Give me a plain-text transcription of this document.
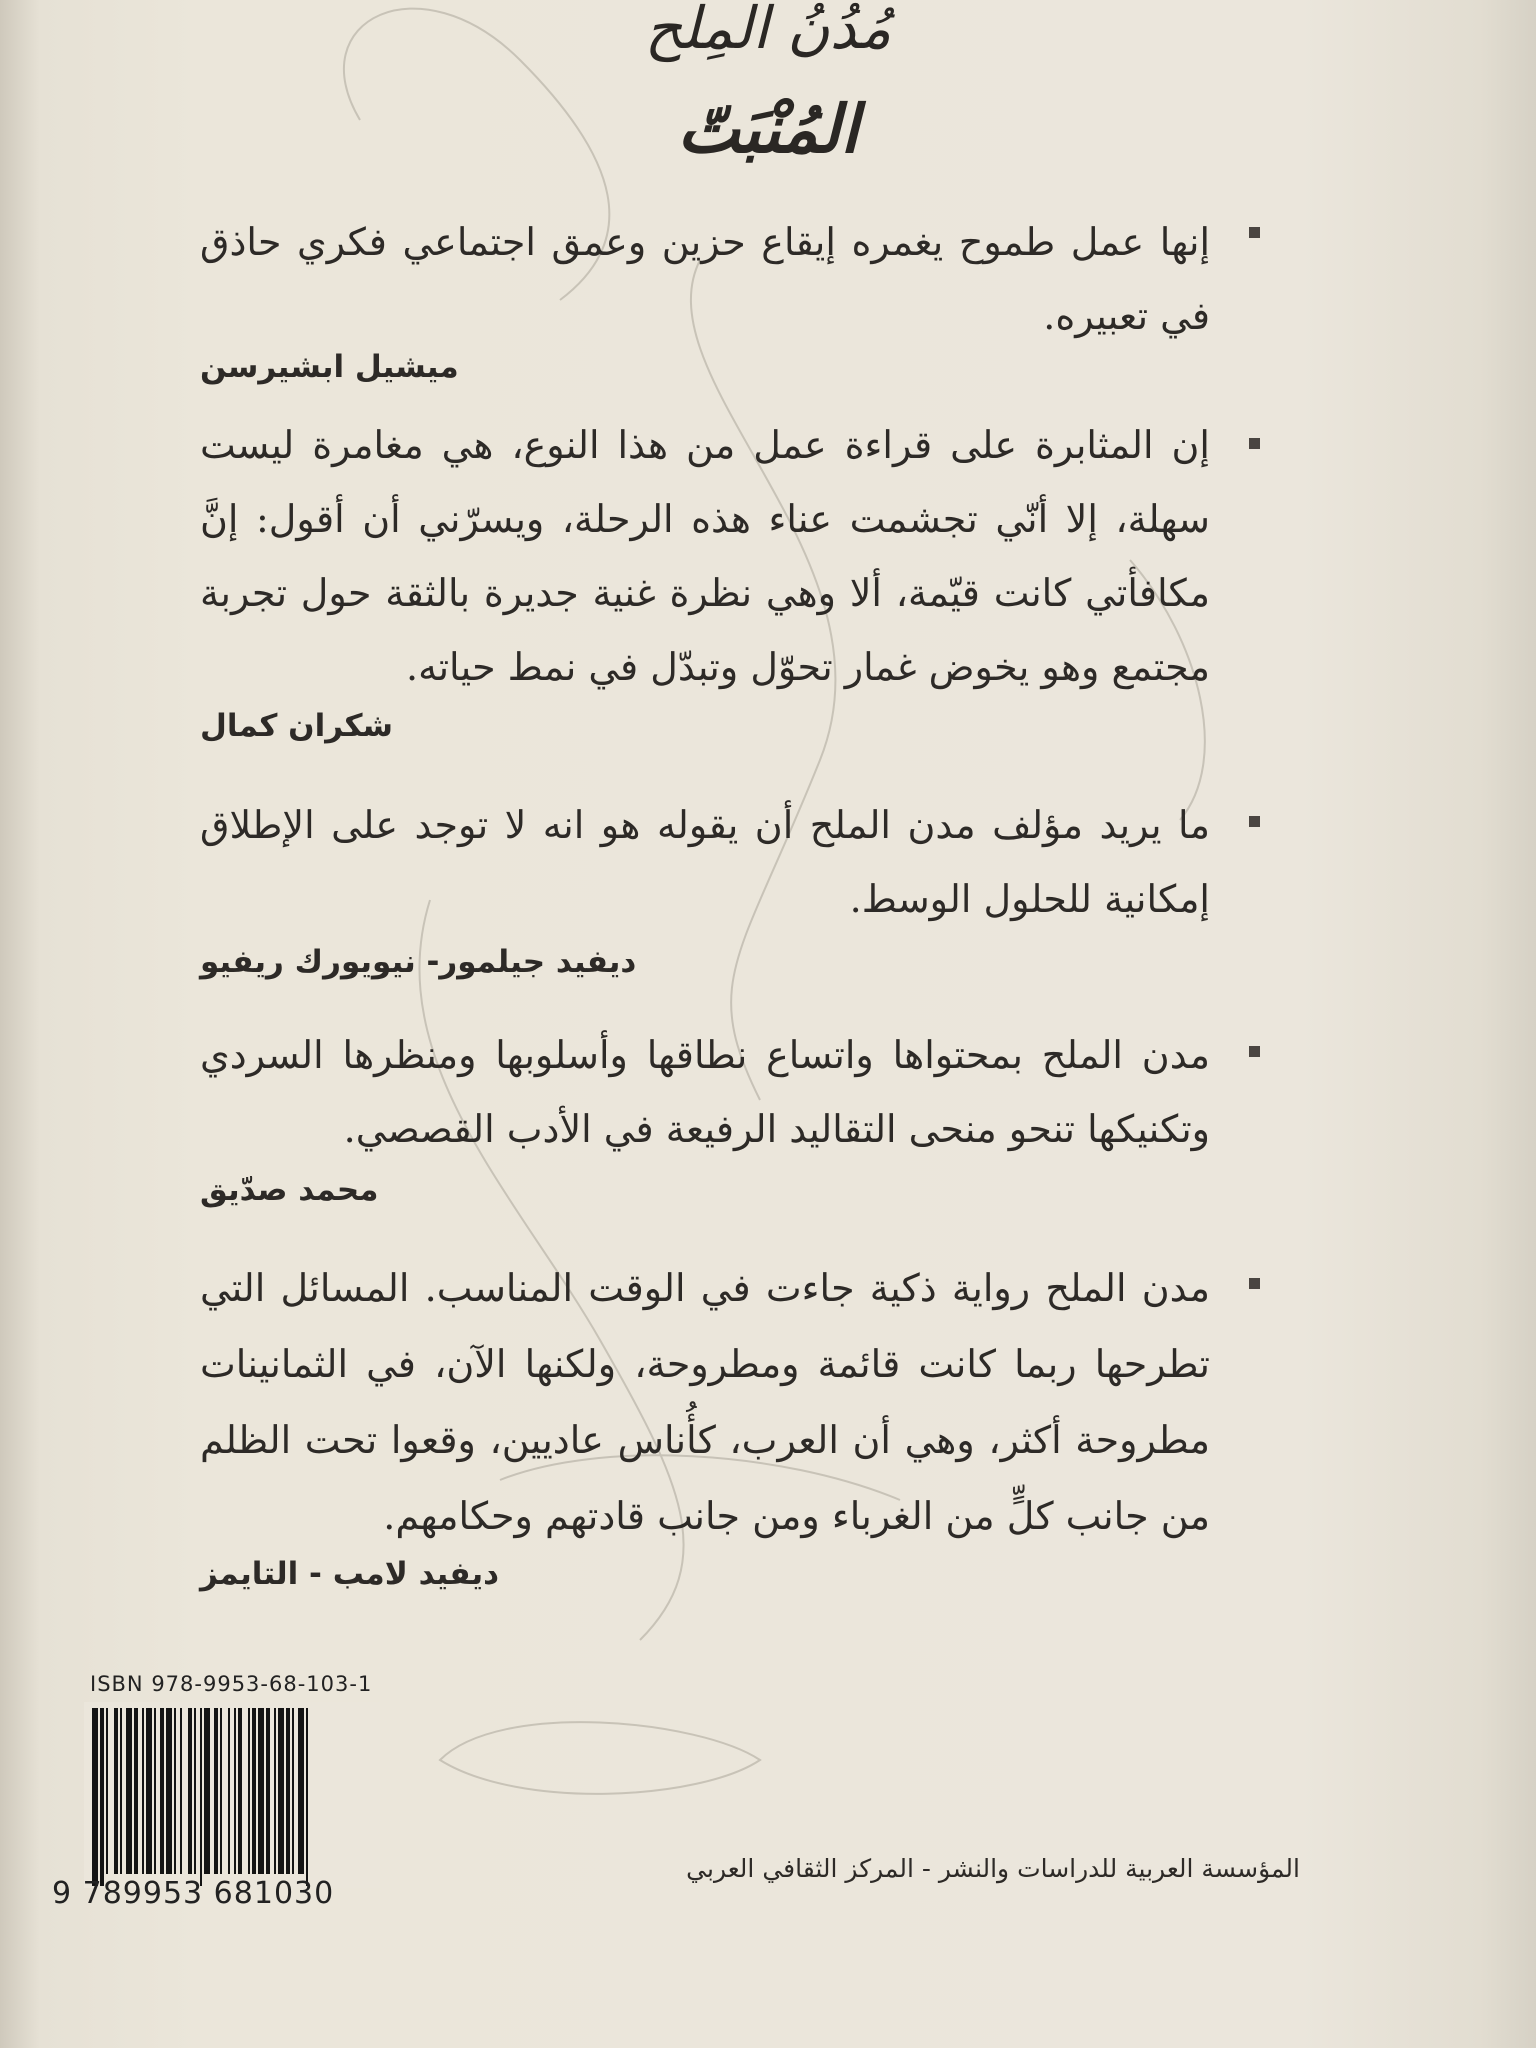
مُدُنُ المِلح
المُنْبَتّ

إنها عمل طموح يغمره إيقاع حزين وعمق اجتماعي فكري حاذق في تعبيره.

ميشيل ابشيرسن

إن المثابرة على قراءة عمل من هذا النوع، هي مغامرة ليست سهلة، إلا أنّي تجشمت عناء هذه الرحلة، ويسرّني أن أقول: إنَّ مكافأتي كانت قيّمة، ألا وهي نظرة غنية جديرة بالثقة حول تجربة مجتمع وهو يخوض غمار تحوّل وتبدّل في نمط حياته.

شكران كمال

ما يريد مؤلف مدن الملح أن يقوله هو انه لا توجد على الإطلاق إمكانية للحلول الوسط.

ديفيد جيلمور- نيويورك ريفيو

مدن الملح بمحتواها واتساع نطاقها وأسلوبها ومنظرها السردي وتكنيكها تنحو منحى التقاليد الرفيعة في الأدب القصصي.

محمد صدّيق

مدن الملح رواية ذكية جاءت في الوقت المناسب. المسائل التي تطرحها ربما كانت قائمة ومطروحة، ولكنها الآن، في الثمانينات مطروحة أكثر، وهي أن العرب، كأُناس عاديين، وقعوا تحت الظلم من جانب كلٍّ من الغرباء ومن جانب قادتهم وحكامهم.

ديفيد لامب - التايمز

ISBN 978-9953-68-103-1
9 789953 681030
المؤسسة العربية للدراسات والنشر - المركز الثقافي العربي
